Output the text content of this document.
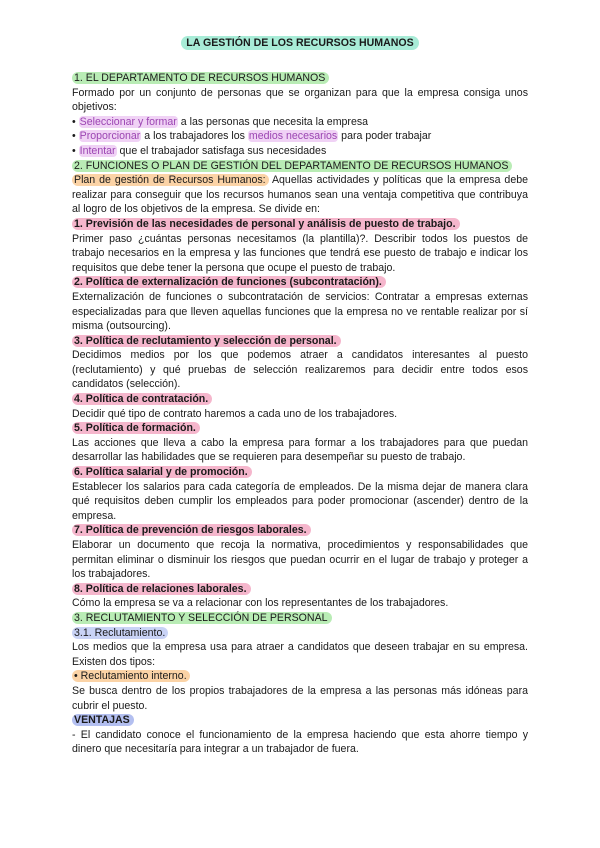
LA GESTIÓN DE LOS RECURSOS HUMANOS

1. EL DEPARTAMENTO DE RECURSOS HUMANOS

Formado por un conjunto de personas que se organizan para que la empresa consiga unos objetivos:

• Seleccionar y formar a las personas que necesita la empresa

• Proporcionar a los trabajadores los medios necesarios para poder trabajar

• Intentar que el trabajador satisfaga sus necesidades

2. FUNCIONES O PLAN DE GESTIÓN DEL DEPARTAMENTO DE RECURSOS HUMANOS

Plan de gestión de Recursos Humanos: Aquellas actividades y políticas que la empresa debe realizar para conseguir que los recursos humanos sean una ventaja competitiva que contribuya al logro de los objetivos de la empresa. Se divide en:

1. Previsión de las necesidades de personal y análisis de puesto de trabajo.

Primer paso ¿cuántas personas necesitamos (la plantilla)?. Describir todos los puestos de trabajo necesarios en la empresa y las funciones que tendrá ese puesto de trabajo e indicar los requisitos que debe tener la persona que ocupe el puesto de trabajo.

2. Política de externalización de funciones (subcontratación).

Externalización de funciones o subcontratación de servicios: Contratar a empresas externas especializadas para que lleven aquellas funciones que la empresa no ve rentable realizar por sí misma (outsourcing).

3. Política de reclutamiento y selección de personal.

Decidimos medios por los que podemos atraer a candidatos interesantes al puesto (reclutamiento) y qué pruebas de selección realizaremos para decidir entre todos esos candidatos (selección).

4. Política de contratación.

Decidir qué tipo de contrato haremos a cada uno de los trabajadores.

5. Política de formación.

Las acciones que lleva a cabo la empresa para formar a los trabajadores para que puedan desarrollar las habilidades que se requieren para desempeñar su puesto de trabajo.

6. Política salarial y de promoción.

Establecer los salarios para cada categoría de empleados. De la misma dejar de manera clara qué requisitos deben cumplir los empleados para poder promocionar (ascender) dentro de la empresa.

7. Política de prevención de riesgos laborales.

Elaborar un documento que recoja la normativa, procedimientos y responsabilidades que permitan eliminar o disminuir los riesgos que puedan ocurrir en el lugar de trabajo y proteger a los trabajadores.

8. Política de relaciones laborales.

Cómo la empresa se va a relacionar con los representantes de los trabajadores.

3. RECLUTAMIENTO Y SELECCIÓN DE PERSONAL

3.1. Reclutamiento.

Los medios que la empresa usa para atraer a candidatos que deseen trabajar en su empresa. Existen dos tipos:

• Reclutamiento interno.

Se busca dentro de los propios trabajadores de la empresa a las personas más idóneas para cubrir el puesto.

VENTAJAS

- El candidato conoce el funcionamiento de la empresa haciendo que esta ahorre tiempo y dinero que necesitaría para integrar a un trabajador de fuera.
